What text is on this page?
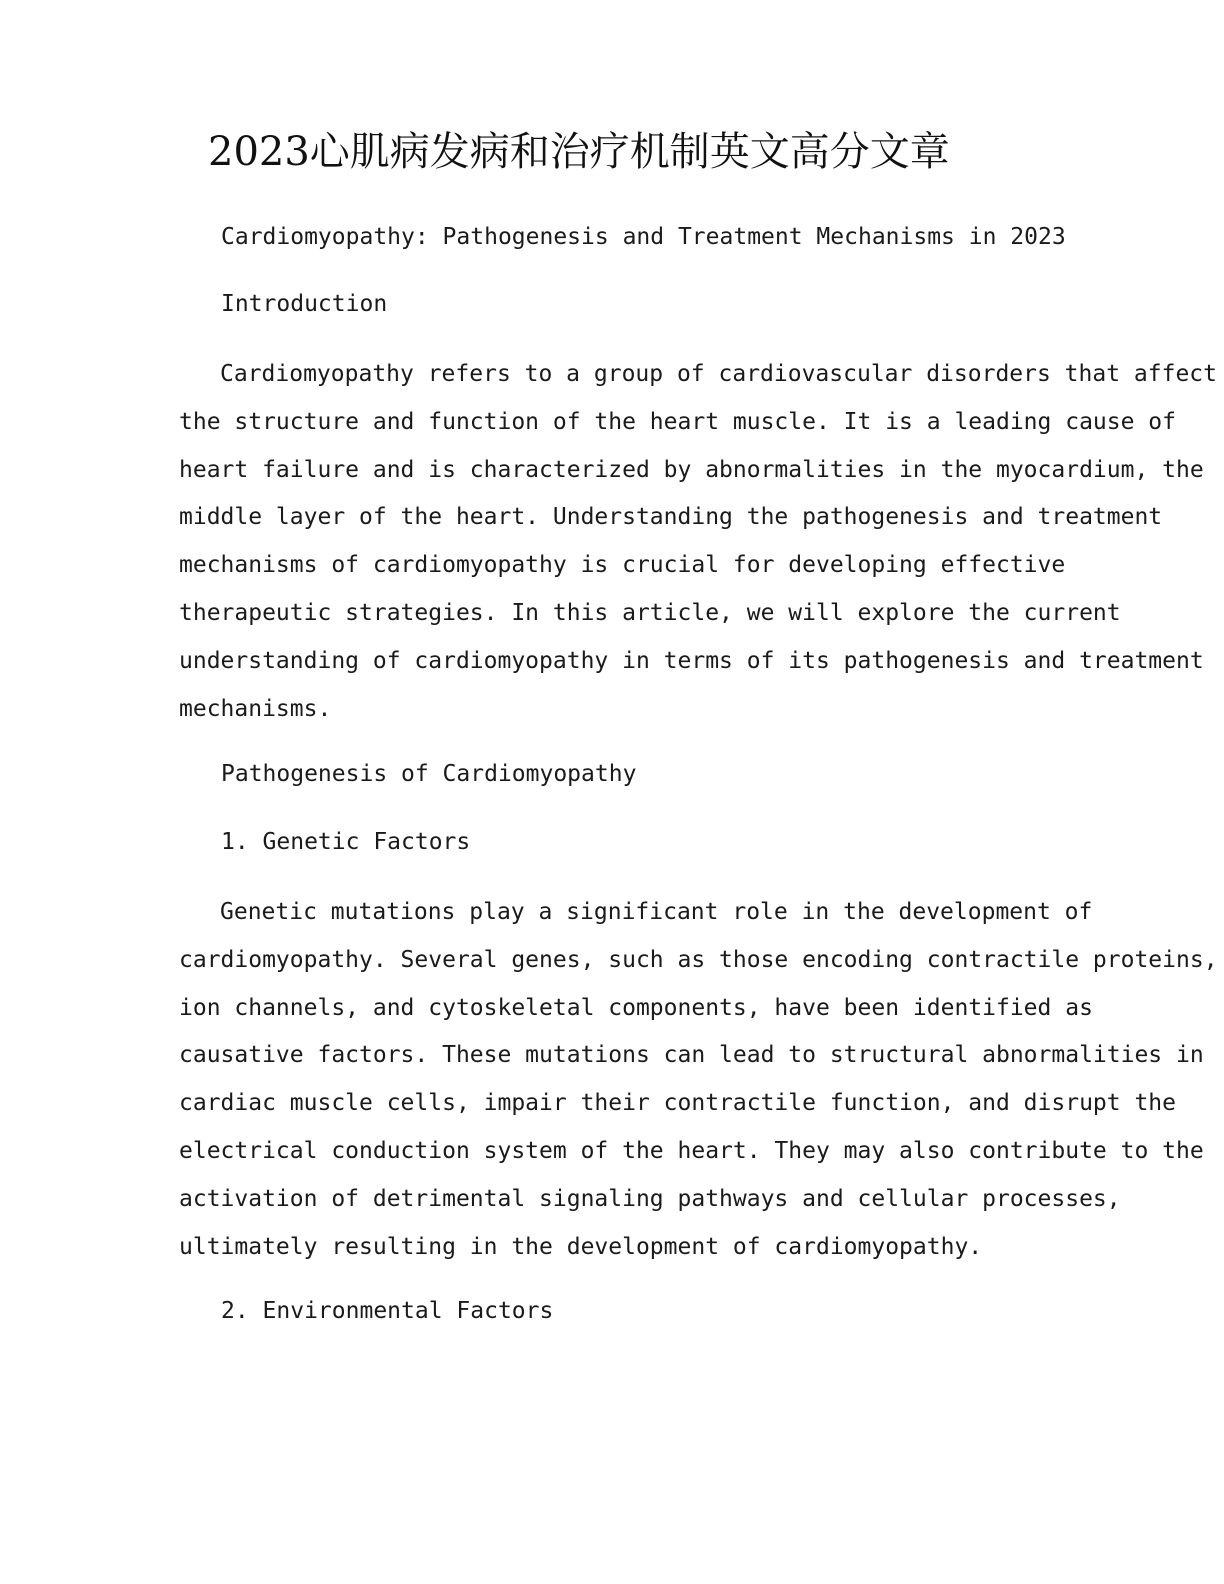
2023心肌病发病和治疗机制英文高分文章

Cardiomyopathy: Pathogenesis and Treatment Mechanisms in 2023

Introduction

Cardiomyopathy refers to a group of cardiovascular disorders that affect the structure and function of the heart muscle. It is a leading cause of heart failure and is characterized by abnormalities in the myocardium, the middle layer of the heart. Understanding the pathogenesis and treatment mechanisms of cardiomyopathy is crucial for developing effective therapeutic strategies. In this article, we will explore the current understanding of cardiomyopathy in terms of its pathogenesis and treatment mechanisms.

Pathogenesis of Cardiomyopathy

1. Genetic Factors

Genetic mutations play a significant role in the development of cardiomyopathy. Several genes, such as those encoding contractile proteins, ion channels, and cytoskeletal components, have been identified as causative factors. These mutations can lead to structural abnormalities in cardiac muscle cells, impair their contractile function, and disrupt the electrical conduction system of the heart. They may also contribute to the activation of detrimental signaling pathways and cellular processes, ultimately resulting in the development of cardiomyopathy.

2. Environmental Factors
